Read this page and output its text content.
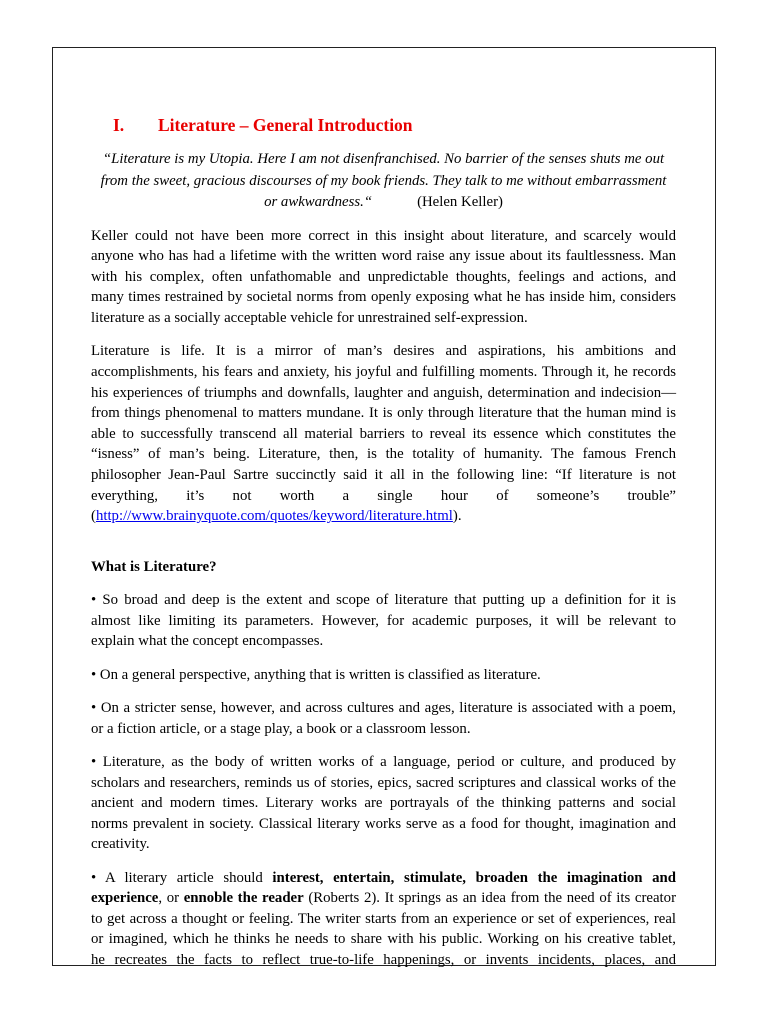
I. Literature – General Introduction
“Literature is my Utopia. Here I am not disenfranchised. No barrier of the senses shuts me out
from the sweet, gracious discourses of my book friends. They talk to me without embarrassment
or awkwardness.“	(Helen Keller)
Keller could not have been more correct in this insight about literature, and scarcely would
anyone who has had a lifetime with the written word raise any issue about its faultlessness. Man
with his complex, often unfathomable and unpredictable thoughts, feelings and actions, and
many times restrained by societal norms from openly exposing what he has inside him, considers
literature as a socially acceptable vehicle for unrestrained self-expression.
Literature is life. It is a mirror of man’s desires and aspirations, his ambitions and
accomplishments, his fears and anxiety, his joyful and fulfilling moments. Through it, he records
his experiences of triumphs and downfalls, laughter and anguish, determination and indecision—
from things phenomenal to matters mundane. It is only through literature that the human mind is
able to successfully transcend all material barriers to reveal its essence which constitutes the
“isness” of man’s being. Literature, then, is the totality of humanity. The famous French
philosopher Jean-Paul Sartre succinctly said it all in the following line: “If literature is not
everything, it’s not worth a single hour of someone’s trouble”
(http://www.brainyquote.com/quotes/keyword/literature.html).
What is Literature?
• So broad and deep is the extent and scope of literature that putting up a definition for it is
almost like limiting its parameters. However, for academic purposes, it will be relevant to
explain what the concept encompasses.
• On a general perspective, anything that is written is classified as literature.
• On a stricter sense, however, and across cultures and ages, literature is associated with a poem,
or a fiction article, or a stage play, a book or a classroom lesson.
• Literature, as the body of written works of a language, period or culture, and produced by
scholars and researchers, reminds us of stories, epics, sacred scriptures and classical works of the
ancient and modern times. Literary works are portrayals of the thinking patterns and social
norms prevalent in society. Classical literary works serve as a food for thought, imagination and
creativity.
• A literary article should interest, entertain, stimulate, broaden the imagination and
experience, or ennoble the reader (Roberts 2). It springs as an idea from the need of its creator
to get across a thought or feeling. The writer starts from an experience or set of experiences, real
or imagined, which he thinks he needs to share with his public. Working on his creative tablet,
he recreates the facts to reflect true-to-life happenings, or invents incidents, places, and
